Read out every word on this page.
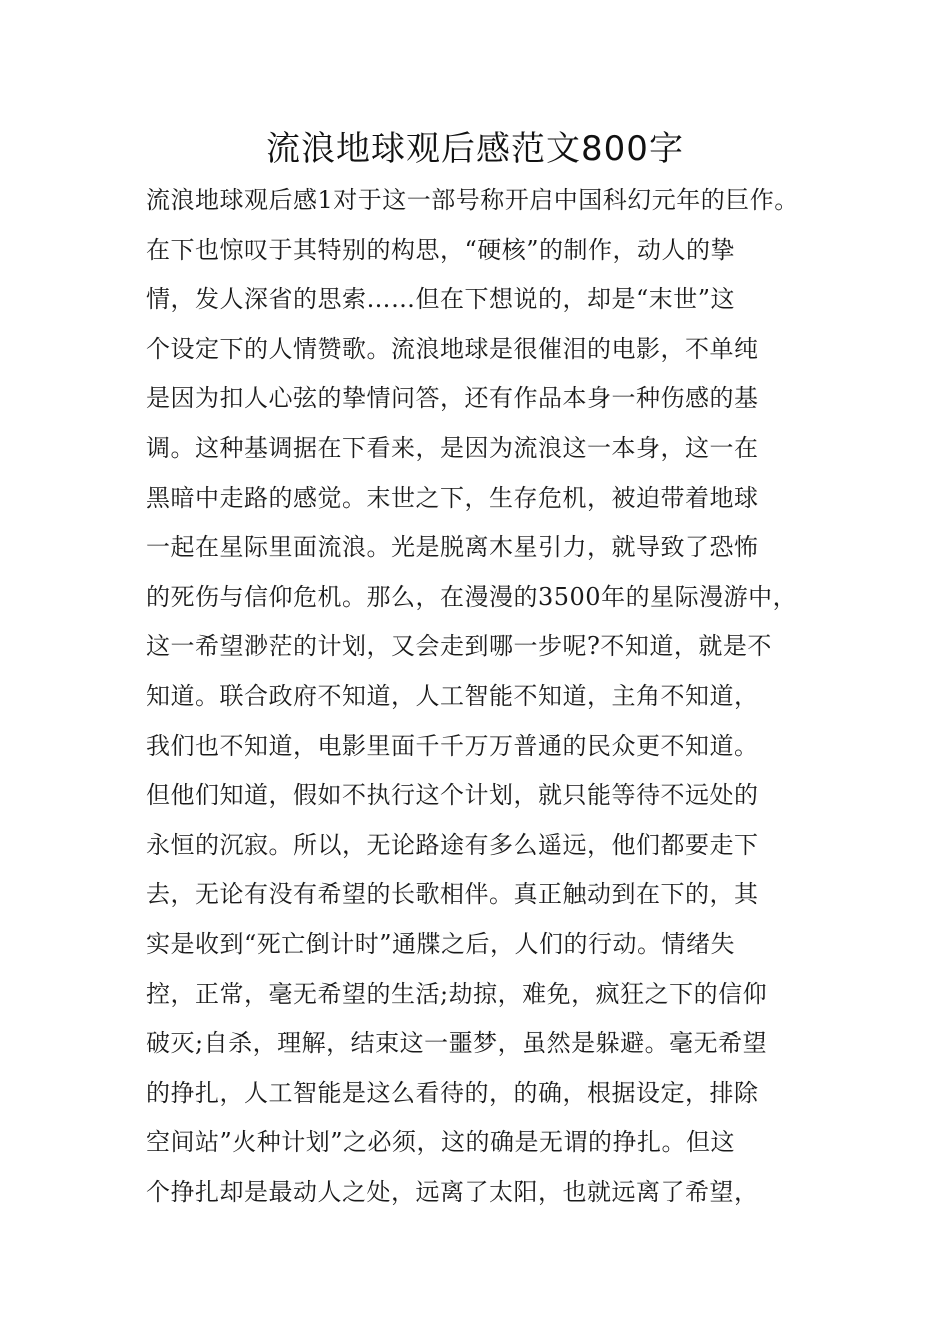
流浪地球观后感范文800字
流浪地球观后感1对于这一部号称开启中国科幻元年的巨作。
在下也惊叹于其特别的构思，“硬核”的制作，动人的挚
情，发人深省的思索……但在下想说的，却是“末世”这
个设定下的人情赞歌。流浪地球是很催泪的电影，不单纯
是因为扣人心弦的挚情问答，还有作品本身一种伤感的基
调。这种基调据在下看来，是因为流浪这一本身，这一在
黑暗中走路的感觉。末世之下，生存危机，被迫带着地球
一起在星际里面流浪。光是脱离木星引力，就导致了恐怖
的死伤与信仰危机。那么，在漫漫的3500年的星际漫游中，
这一希望渺茫的计划，又会走到哪一步呢?不知道，就是不
知道。联合政府不知道，人工智能不知道，主角不知道，
我们也不知道，电影里面千千万万普通的民众更不知道。
但他们知道，假如不执行这个计划，就只能等待不远处的
永恒的沉寂。所以，无论路途有多么遥远，他们都要走下
去，无论有没有希望的长歌相伴。真正触动到在下的，其
实是收到“死亡倒计时”通牒之后，人们的行动。情绪失
控，正常，毫无希望的生活;劫掠，难免，疯狂之下的信仰
破灭;自杀，理解，结束这一噩梦，虽然是躲避。毫无希望
的挣扎，人工智能是这么看待的，的确，根据设定，排除
空间站”火种计划”之必须，这的确是无谓的挣扎。但这
个挣扎却是最动人之处，远离了太阳，也就远离了希望，
